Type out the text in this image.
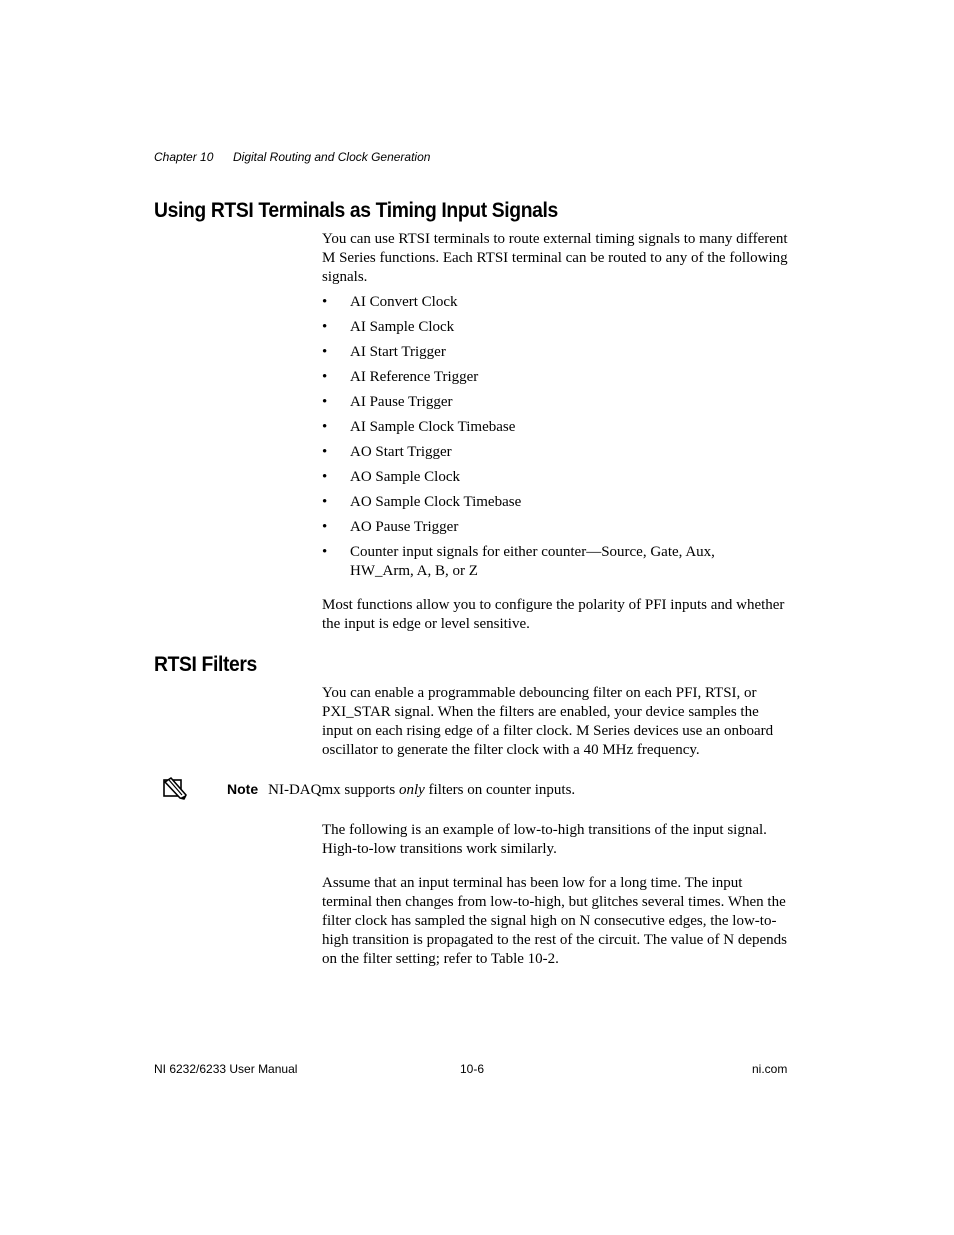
Chapter 10 Digital Routing and Clock Generation
Using RTSI Terminals as Timing Input Signals

You can use RTSI terminals to route external timing signals to many different M Series functions. Each RTSI terminal can be routed to any of the following signals.

• AI Convert Clock
• AI Sample Clock
• AI Start Trigger
• AI Reference Trigger
• AI Pause Trigger
• AI Sample Clock Timebase
• AO Start Trigger
• AO Sample Clock
• AO Sample Clock Timebase
• AO Pause Trigger
• Counter input signals for either counter—Source, Gate, Aux, HW_Arm, A, B, or Z

Most functions allow you to configure the polarity of PFI inputs and whether the input is edge or level sensitive.

RTSI Filters

You can enable a programmable debouncing filter on each PFI, RTSI, or PXI_STAR signal. When the filters are enabled, your device samples the input on each rising edge of a filter clock. M Series devices use an onboard oscillator to generate the filter clock with a 40 MHz frequency.

Note NI-DAQmx supports only filters on counter inputs.

The following is an example of low-to-high transitions of the input signal. High-to-low transitions work similarly.

Assume that an input terminal has been low for a long time. The input terminal then changes from low-to-high, but glitches several times. When the filter clock has sampled the signal high on N consecutive edges, the low-to-high transition is propagated to the rest of the circuit. The value of N depends on the filter setting; refer to Table 10-2.

NI 6232/6233 User Manual	10-6	ni.com
